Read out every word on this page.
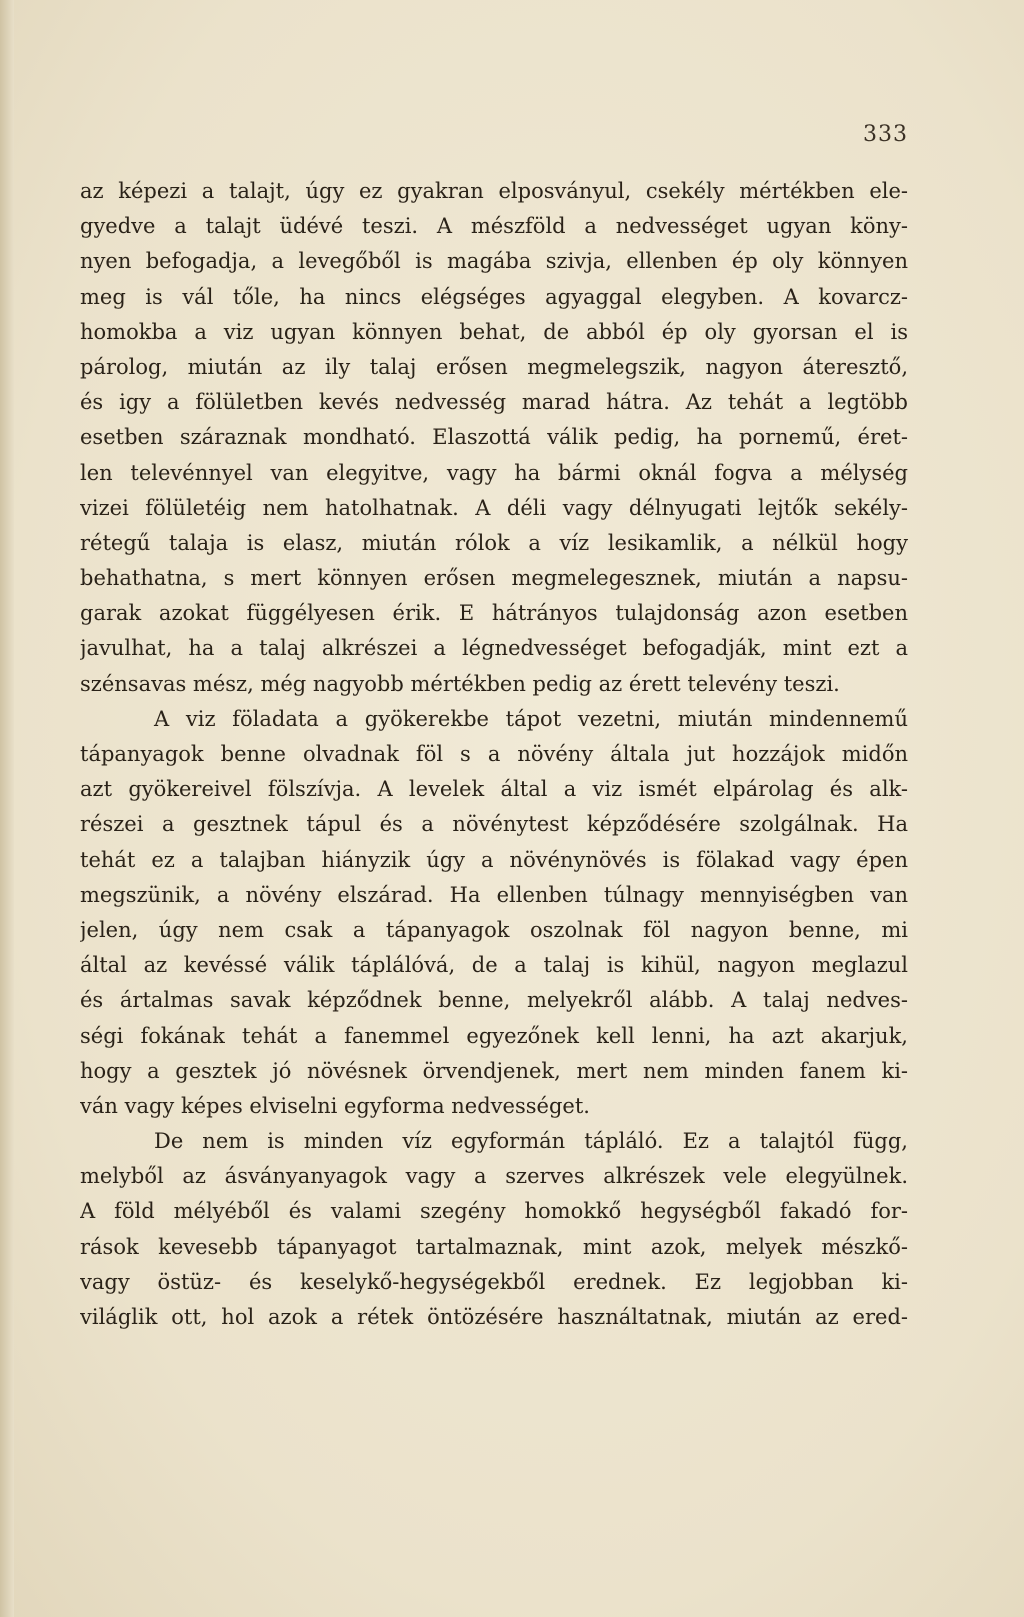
333
az képezi a talajt, úgy ez gyakran elposványul, csekély mértékben ele-
gyedve a talajt üdévé teszi. A mészföld a nedvességet ugyan köny-
nyen befogadja, a levegőből is magába szivja, ellenben ép oly könnyen
meg is vál tőle, ha nincs elégséges agyaggal elegyben. A kovarcz-
homokba a viz ugyan könnyen behat, de abból ép oly gyorsan el is
párolog, miután az ily talaj erősen megmelegszik, nagyon áteresztő,
és igy a fölületben kevés nedvesség marad hátra. Az tehát a legtöbb
esetben száraznak mondható. Elaszottá válik pedig, ha pornemű, éret-
len televénnyel van elegyitve, vagy ha bármi oknál fogva a mélység
vizei fölületéig nem hatolhatnak. A déli vagy délnyugati lejtők sekély-
rétegű talaja is elasz, miután rólok a víz lesikamlik, a nélkül hogy
behathatna, s mert könnyen erősen megmelegesznek, miután a napsu-
garak azokat függélyesen érik. E hátrányos tulajdonság azon esetben
javulhat, ha a talaj alkrészei a légnedvességet befogadják, mint ezt a
szénsavas mész, még nagyobb mértékben pedig az érett televény teszi.
A viz föladata a gyökerekbe tápot vezetni, miután mindennemű
tápanyagok benne olvadnak föl s a növény általa jut hozzájok midőn
azt gyökereivel fölszívja. A levelek által a viz ismét elpárolag és alk-
részei a gesztnek tápul és a növénytest képződésére szolgálnak. Ha
tehát ez a talajban hiányzik úgy a növénynövés is fölakad vagy épen
megszünik, a növény elszárad. Ha ellenben túlnagy mennyiségben van
jelen, úgy nem csak a tápanyagok oszolnak föl nagyon benne, mi
által az kevéssé válik táplálóvá, de a talaj is kihül, nagyon meglazul
és ártalmas savak képződnek benne, melyekről alább. A talaj nedves-
ségi fokának tehát a fanemmel egyezőnek kell lenni, ha azt akarjuk,
hogy a gesztek jó növésnek örvendjenek, mert nem minden fanem ki-
ván vagy képes elviselni egyforma nedvességet.
De nem is minden víz egyformán tápláló. Ez a talajtól függ,
melyből az ásványanyagok vagy a szerves alkrészek vele elegyülnek.
A föld mélyéből és valami szegény homokkő hegységből fakadó for-
rások kevesebb tápanyagot tartalmaznak, mint azok, melyek mészkő-
vagy östüz- és keselykő-hegységekből erednek. Ez legjobban ki-
világlik ott, hol azok a rétek öntözésére használtatnak, miután az ered-
